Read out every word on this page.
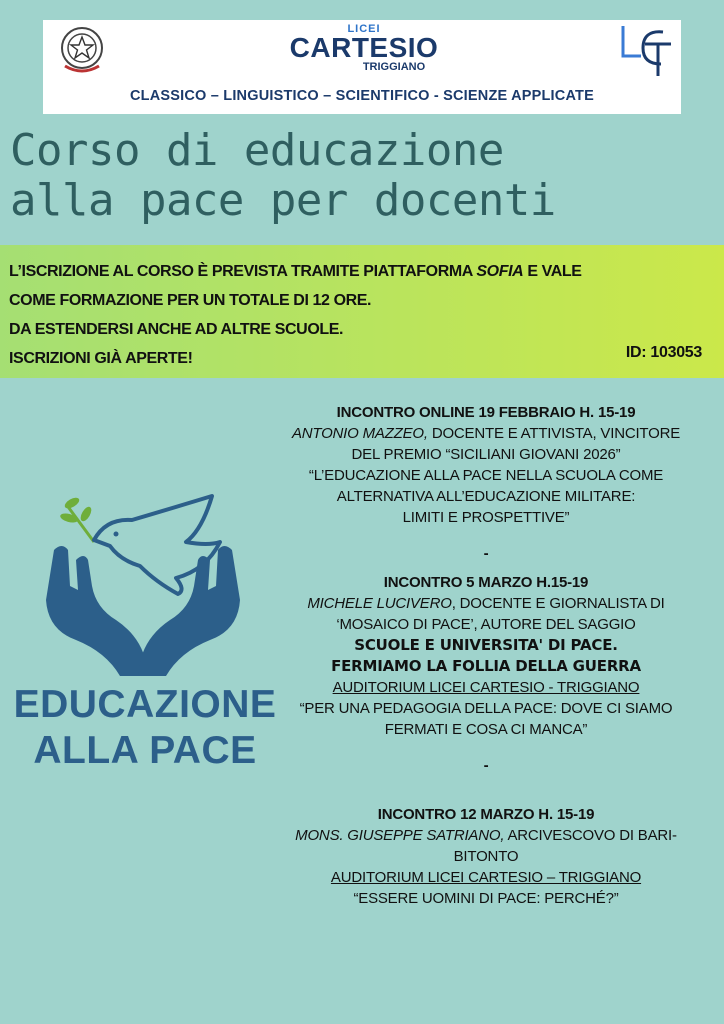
LICEI
CARTESIO
TRIGGIANO
CLASSICO – LINGUISTICO – SCIENTIFICO - SCIENZE APPLICATE
Corso di educazione
alla pace per docenti
L’ISCRIZIONE AL CORSO È PREVISTA TRAMITE PIATTAFORMA SOFIA E VALE
COME FORMAZIONE PER UN TOTALE DI 12 ORE.
DA ESTENDERSI ANCHE AD ALTRE SCUOLE.
ISCRIZIONI GIÀ APERTE!	ID: 103053
EDUCAZIONE
ALLA PACE
INCONTRO ONLINE 19 FEBBRAIO H. 15-19
ANTONIO MAZZEO, DOCENTE E ATTIVISTA, VINCITORE
DEL PREMIO “SICILIANI GIOVANI 2026”
“L’EDUCAZIONE ALLA PACE NELLA SCUOLA COME
ALTERNATIVA ALL’EDUCAZIONE MILITARE:
LIMITI E PROSPETTIVE”
-
INCONTRO 5 MARZO H.15-19
MICHELE LUCIVERO, DOCENTE E GIORNALISTA DI
‘MOSAICO DI PACE’, AUTORE DEL SAGGIO
SCUOLE E UNIVERSITA' DI PACE.
FERMIAMO LA FOLLIA DELLA GUERRA
AUDITORIUM LICEI CARTESIO - TRIGGIANO
“PER UNA PEDAGOGIA DELLA PACE: DOVE CI SIAMO
FERMATI E COSA CI MANCA”
-
INCONTRO 12 MARZO H. 15-19
MONS. GIUSEPPE SATRIANO, ARCIVESCOVO DI BARI-
BITONTO
AUDITORIUM LICEI CARTESIO – TRIGGIANO
“ESSERE UOMINI DI PACE: PERCHÉ?”
